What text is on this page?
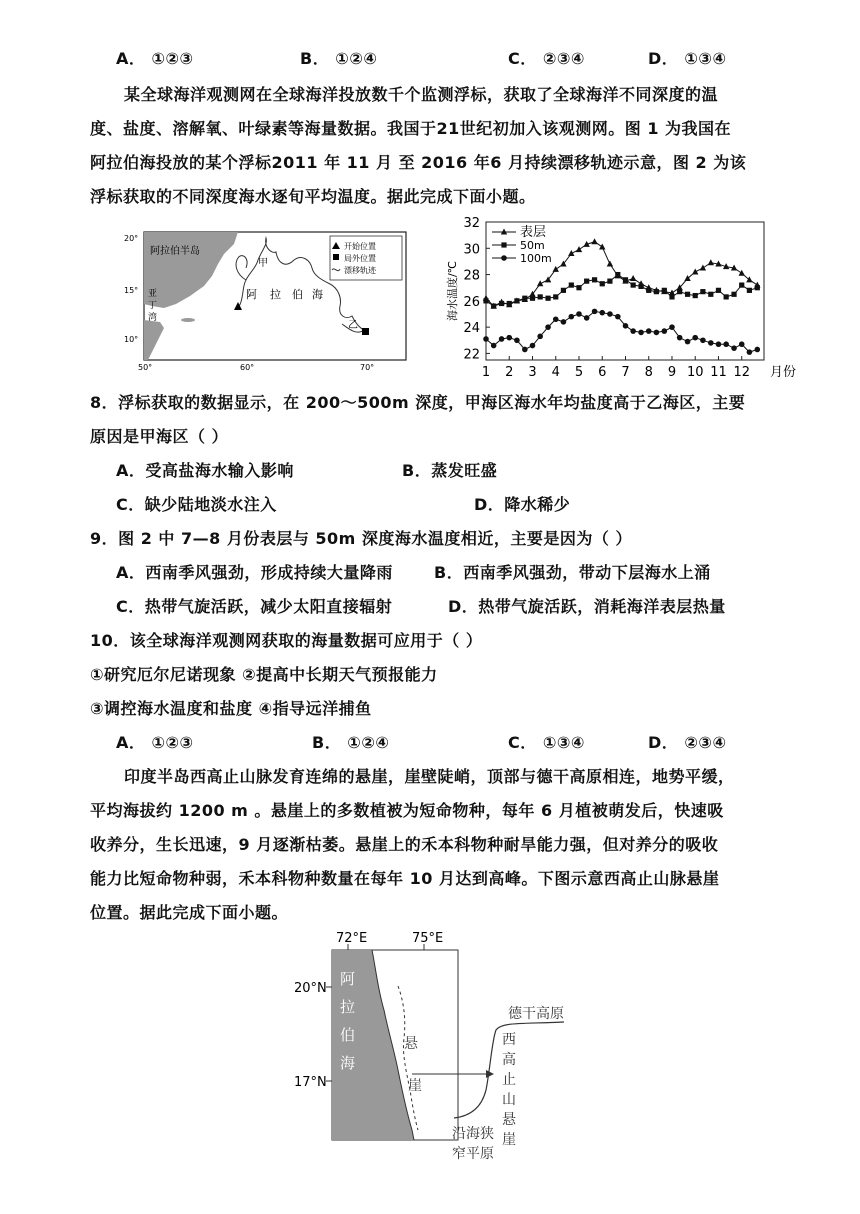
A． ①②③	B． ①②④	C． ②③④	D． ①③④
某全球海洋观测网在全球海洋投放数千个监测浮标，获取了全球海洋不同深度的温
度、盐度、溶解氧、叶绿素等海量数据。我国于21世纪初加入该观测网。图 1 为我国在
阿拉伯海投放的某个浮标2011 年 11 月 至 2016 年6 月持续漂移轨迹示意，图 2 为该
浮标获取的不同深度海水逐旬平均温度。据此完成下面小题。
20°
15°
10°
50°	60°	70°
阿拉伯半岛
甲
阿 拉 伯 海
乙
亚
丁
湾
开始位置
局外位置
漂移轨迹
22
24
26
28
30
32
1 2 3 4 5 6 7 8 9 10 11 12 月份
海水温度/℃
表层
50m
100m
8．浮标获取的数据显示，在 200～500m 深度，甲海区海水年均盐度高于乙海区，主要
原因是甲海区（ ）
A．受高盐海水输入影响	B．蒸发旺盛
C．缺少陆地淡水注入	D．降水稀少
9．图 2 中 7—8 月份表层与 50m 深度海水温度相近，主要是因为（ ）
A．西南季风强劲，形成持续大量降雨	B．西南季风强劲，带动下层海水上涌
C．热带气旋活跃，减少太阳直接辐射	D．热带气旋活跃，消耗海洋表层热量
10．该全球海洋观测网获取的海量数据可应用于（ ）
①研究厄尔尼诺现象 ②提高中长期天气预报能力
③调控海水温度和盐度 ④指导远洋捕鱼
A． ①②③	B． ①②④	C． ①③④	D． ②③④
印度半岛西高止山脉发育连绵的悬崖，崖壁陡峭，顶部与德干高原相连，地势平缓，
平均海拔约 1200 m 。悬崖上的多数植被为短命物种，每年 6 月植被萌发后，快速吸
收养分，生长迅速，9 月逐渐枯萎。悬崖上的禾本科物种耐旱能力强，但对养分的吸收
能力比短命物种弱，禾本科物种数量在每年 10 月达到高峰。下图示意西高止山脉悬崖
位置。据此完成下面小题。
72°E	75°E
20°N
17°N
阿
拉
伯
海
悬
崖
德干高原
西
高
止
山
悬
崖
沿海狭
窄平原
